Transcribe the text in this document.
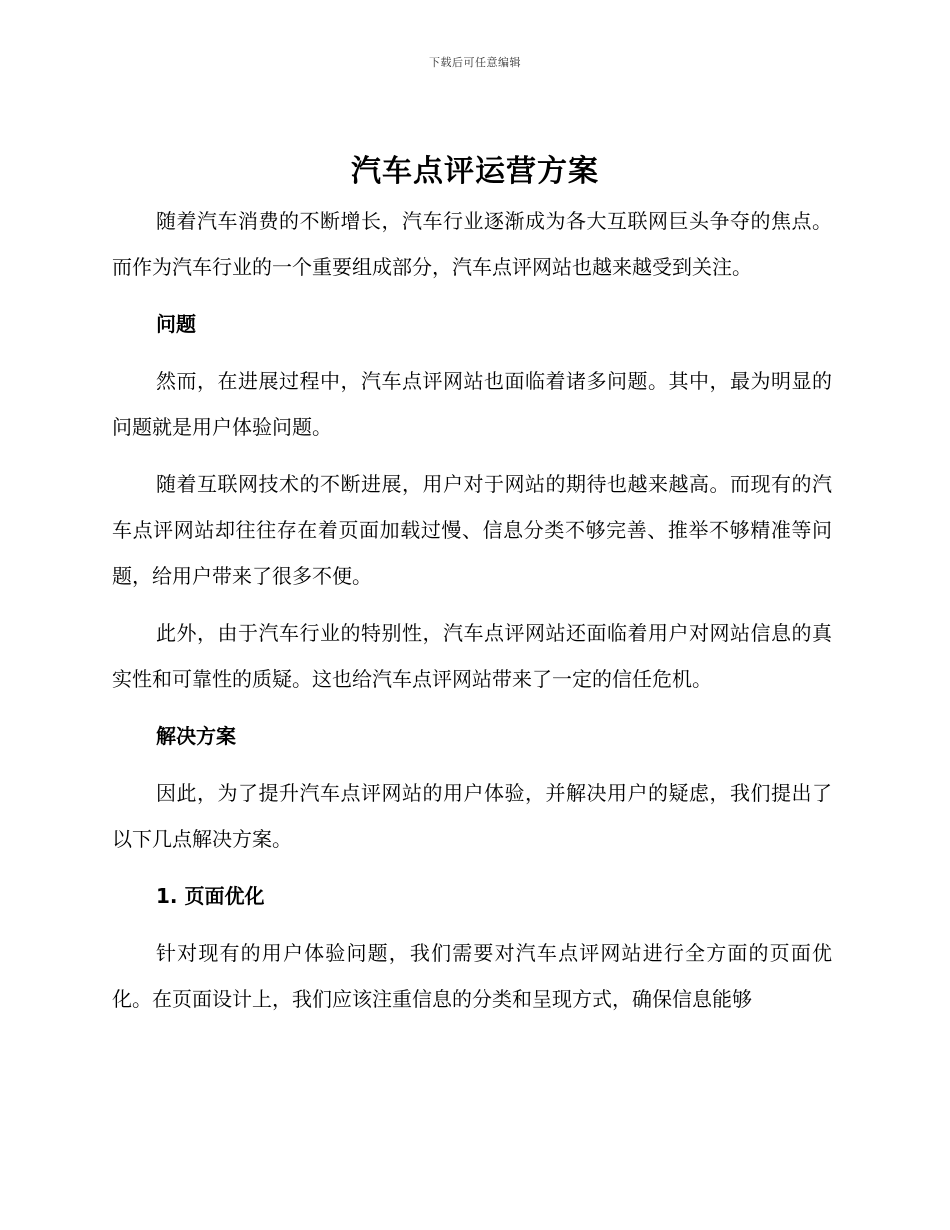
下载后可任意编辑
汽车点评运营方案

随着汽车消费的不断增长，汽车行业逐渐成为各大互联网巨头争夺的焦点。而作为汽车行业的一个重要组成部分，汽车点评网站也越来越受到关注。

问题

然而，在进展过程中，汽车点评网站也面临着诸多问题。其中，最为明显的问题就是用户体验问题。

随着互联网技术的不断进展，用户对于网站的期待也越来越高。而现有的汽车点评网站却往往存在着页面加载过慢、信息分类不够完善、推举不够精准等问题，给用户带来了很多不便。

此外，由于汽车行业的特别性，汽车点评网站还面临着用户对网站信息的真实性和可靠性的质疑。这也给汽车点评网站带来了一定的信任危机。

解决方案

因此，为了提升汽车点评网站的用户体验，并解决用户的疑虑，我们提出了以下几点解决方案。

1. 页面优化

针对现有的用户体验问题，我们需要对汽车点评网站进行全方面的页面优化。在页面设计上，我们应该注重信息的分类和呈现方式，确保信息能够
